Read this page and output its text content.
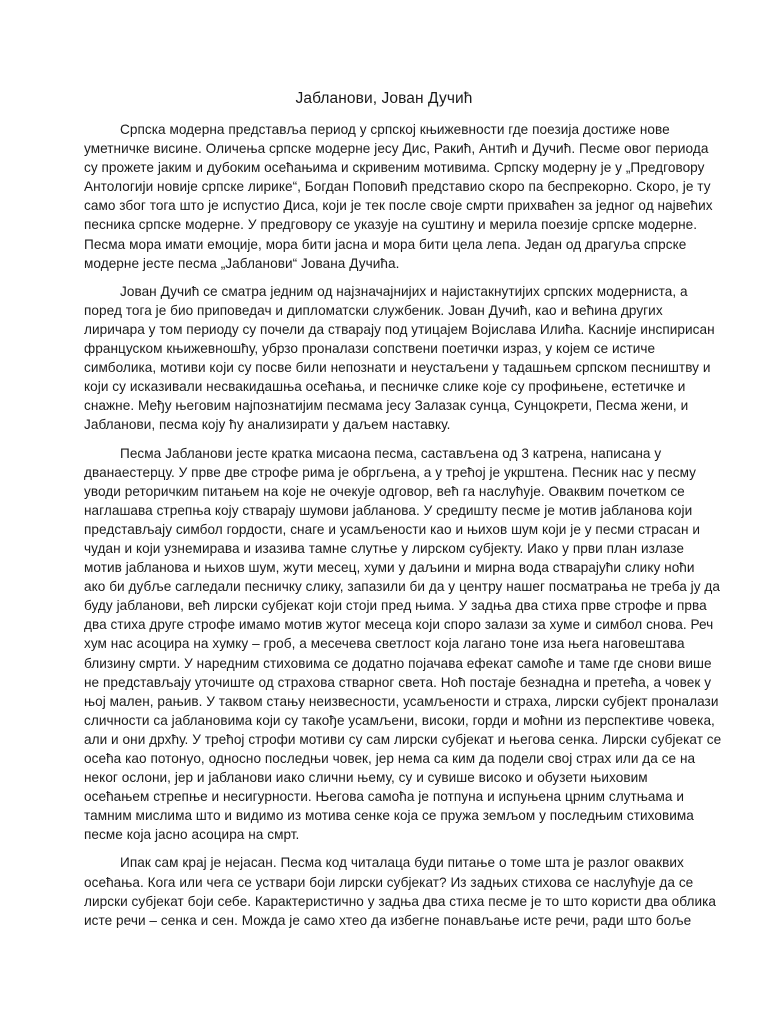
Јабланови, Јован Дучић
Српска модерна представља период у српској књижевности где поезија достиже нове
уметничке висине. Оличења српске модерне јесу Дис, Ракић, Антић и Дучић. Песме овог периода
су прожете јаким и дубоким осећањима и скривеним мотивима. Српску модерну је у „Предговору
Антологији новије српске лирике“, Богдан Поповић представио скоро па беспрекорно. Скоро, је ту
само због тога што је испустио Диса, који је тек после своје смрти прихваћен за једног од највећих
песника српске модерне. У предговору се указује на суштину и мерила поезије српске модерне.
Песма мора имати емоције, мора бити јасна и мора бити цела лепа. Један од драгуља спрске
модерне јесте песма „Јабланови“ Јована Дучића.
Јован Дучић се сматра једним од најзначајнијих и најистакнутијих српских модерниста, а
поред тога је био приповедач и дипломатски службеник. Јован Дучић, као и већина других
лиричара у том периоду су почели да стварају под утицајем Војислава Илића. Касније инспирисан
француском књижевношћу, убрзо проналази сопствени поетички израз, у којем се истиче
симболика, мотиви који су посве били непознати и неустаљени у тадашњем српском песништву и
који су исказивали несвакидашња осећања, и песничке слике које су профињене, естетичке и
снажне. Међу његовим најпознатијим песмама јесу Залазак сунца, Сунцокрети, Песма жени, и
Јабланови, песма коју ћу анализирати у даљем наставку.
Песма Јабланови јесте кратка мисаона песма, састављена од 3 катрена, написана у
дванаестерцу. У прве две строфе рима је обргљена, а у трећој је укрштена. Песник нас у песму
уводи реторичким питањем на које не очекује одговор, већ га наслућује. Оваквим почетком се
наглашава стрепња коју стварају шумови јаблaнова. У средишту песме је мотив јабланова који
представљају симбол гордости, снаге и усамљености као и њихов шум који је у песми страсан и
чудан и који узнемирава и изазива тамне слутње у лирском субјекту. Иако у први план излазе
мотив јабланова и њихов шум, жути месец, хуми у даљини и мирна вода стварајући слику ноћи
ако би дубље сагледали песничку слику, запазили би да у центру нашег посматрања не треба ју да
буду јабланови, већ лирски субјекат који стоји пред њима. У задња два стиха прве строфе и прва
два стиха друге строфе имамо мотив жутог месеца који споро залази за хуме и симбол снова. Реч
хум нас асоцира на хумку – гроб, а месечева светлост која лагано тоне иза њега наговештава
близину смрти. У наредним стиховима се додатно појачава ефекат самоће и таме где снови више
не представљају уточиште од страхова стварног света. Ноћ постаје безнадна и претећа, а човек у
њој мален, рањив. У таквом стању неизвесности, усамљености и страха, лирски субјект проналази
сличности са јаблановима који су такође усамљени, високи, горди и моћни из перспективе човека,
али и они дрхћу. У трећој строфи мотиви су сам лирски субјекат и његова сенка. Лирски субјекат се
осећа као потонуo, односно последњи човек, јер нема са ким да подели свој страх или да се на
неког ослони, јер и јабланови иако слични њему, су и сувише високо и обузети њиховим
осећањем стрепње и несигурности. Његова самоћа је потпуна и испуњена црним слутњама и
тамним мислима што и видимо из мотива сенке која се пружа земљом у последњим стиховима
песме која јасно асоцира на смрт.
Ипак сам крај је нејасан. Песма код читалаца буди питање о томе шта је разлог оваквих
осећања. Кога или чега се уствари боји лирски субјекат? Из задњих стихова се наслућује да се
лирски субјекат боји себе. Карактеристично у задња два стиха песме је то што користи два облика
исте речи – сенка и сен. Можда је само хтео да избегне понављање исте речи, ради што боље
